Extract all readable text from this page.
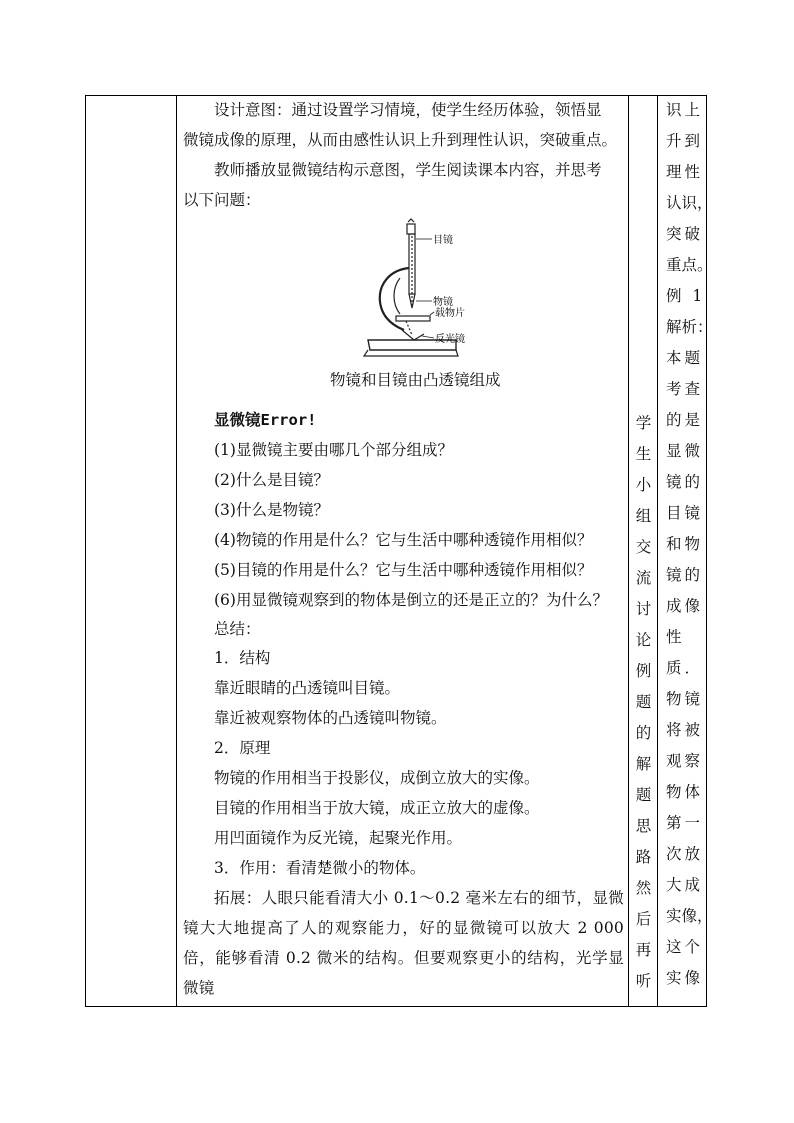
设计意图：通过设置学习情境，使学生经历体验，领悟显

微镜成像的原理，从而由感性认识上升到理性认识，突破重点。

教师播放显微镜结构示意图，学生阅读课本内容，并思考

以下问题：

显微镜Error!

(1)显微镜主要由哪几个部分组成？

(2)什么是目镜？

(3)什么是物镜？

(4)物镜的作用是什么？它与生活中哪种透镜作用相似？

(5)目镜的作用是什么？它与生活中哪种透镜作用相似？

(6)用显微镜观察到的物体是倒立的还是正立的？为什么？

总结：

1．结构

靠近眼睛的凸透镜叫目镜。

靠近被观察物体的凸透镜叫物镜。

2．原理

物镜的作用相当于投影仪，成倒立放大的实像。

目镜的作用相当于放大镜，成正立放大的虚像。

用凹面镜作为反光镜，起聚光作用。

3．作用：看清楚微小的物体。

拓展：人眼只能看清大小 0.1～0.2 毫米左右的细节，显微镜大大地提高了人的观察能力，好的显微镜可以放大 2 000 倍，能够看清 0.2 微米的结构。但要观察更小的结构，光学显微镜

目镜
物镜
载物片
反光镜
物镜和目镜由凸透镜组成
学
生
小
组
交
流
讨
论
例
题
的
解
题
思
路
然
后
再
听
识上
升到
理性
认识，
突破
重点。
例 1
解析：
本题
考查
的是
显微
镜的
目镜
和物
镜的
成像
性
质．
物镜
将被
观察
物体
第一
次放
大成
实像，
这个
实像
